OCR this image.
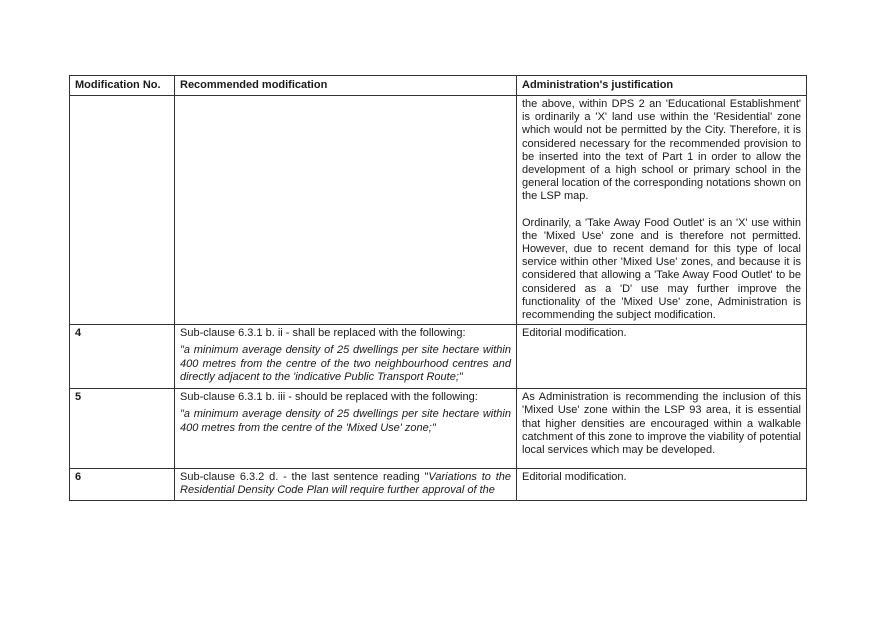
Modification No.	Recommended modification	Administration's justification

		the above, within DPS 2 an 'Educational Establishment' is ordinarily a 'X' land use within the 'Residential' zone which would not be permitted by the City. Therefore, it is considered necessary for the recommended provision to be inserted into the text of Part 1 in order to allow the development of a high school or primary school in the general location of the corresponding notations shown on the LSP map.

Ordinarily, a 'Take Away Food Outlet' is an 'X' use within the 'Mixed Use' zone and is therefore not permitted. However, due to recent demand for this type of local service within other 'Mixed Use' zones, and because it is considered that allowing a 'Take Away Food Outlet' to be considered as a 'D' use may further improve the functionality of the 'Mixed Use' zone, Administration is recommending the subject modification.

4	Sub-clause 6.3.1 b. ii - shall be replaced with the following:

"a minimum average density of 25 dwellings per site hectare within 400 metres from the centre of the two neighbourhood centres and directly adjacent to the 'indicative Public Transport Route;"	Editorial modification.

5	Sub-clause 6.3.1 b. iii - should be replaced with the following:

"a minimum average density of 25 dwellings per site hectare within 400 metres from the centre of the 'Mixed Use' zone;"	As Administration is recommending the inclusion of this 'Mixed Use' zone within the LSP 93 area, it is essential that higher densities are encouraged within a walkable catchment of this zone to improve the viability of potential local services which may be developed.

6	Sub-clause 6.3.2 d. - the last sentence reading "Variations to the Residential Density Code Plan will require further approval of the	Editorial modification.
